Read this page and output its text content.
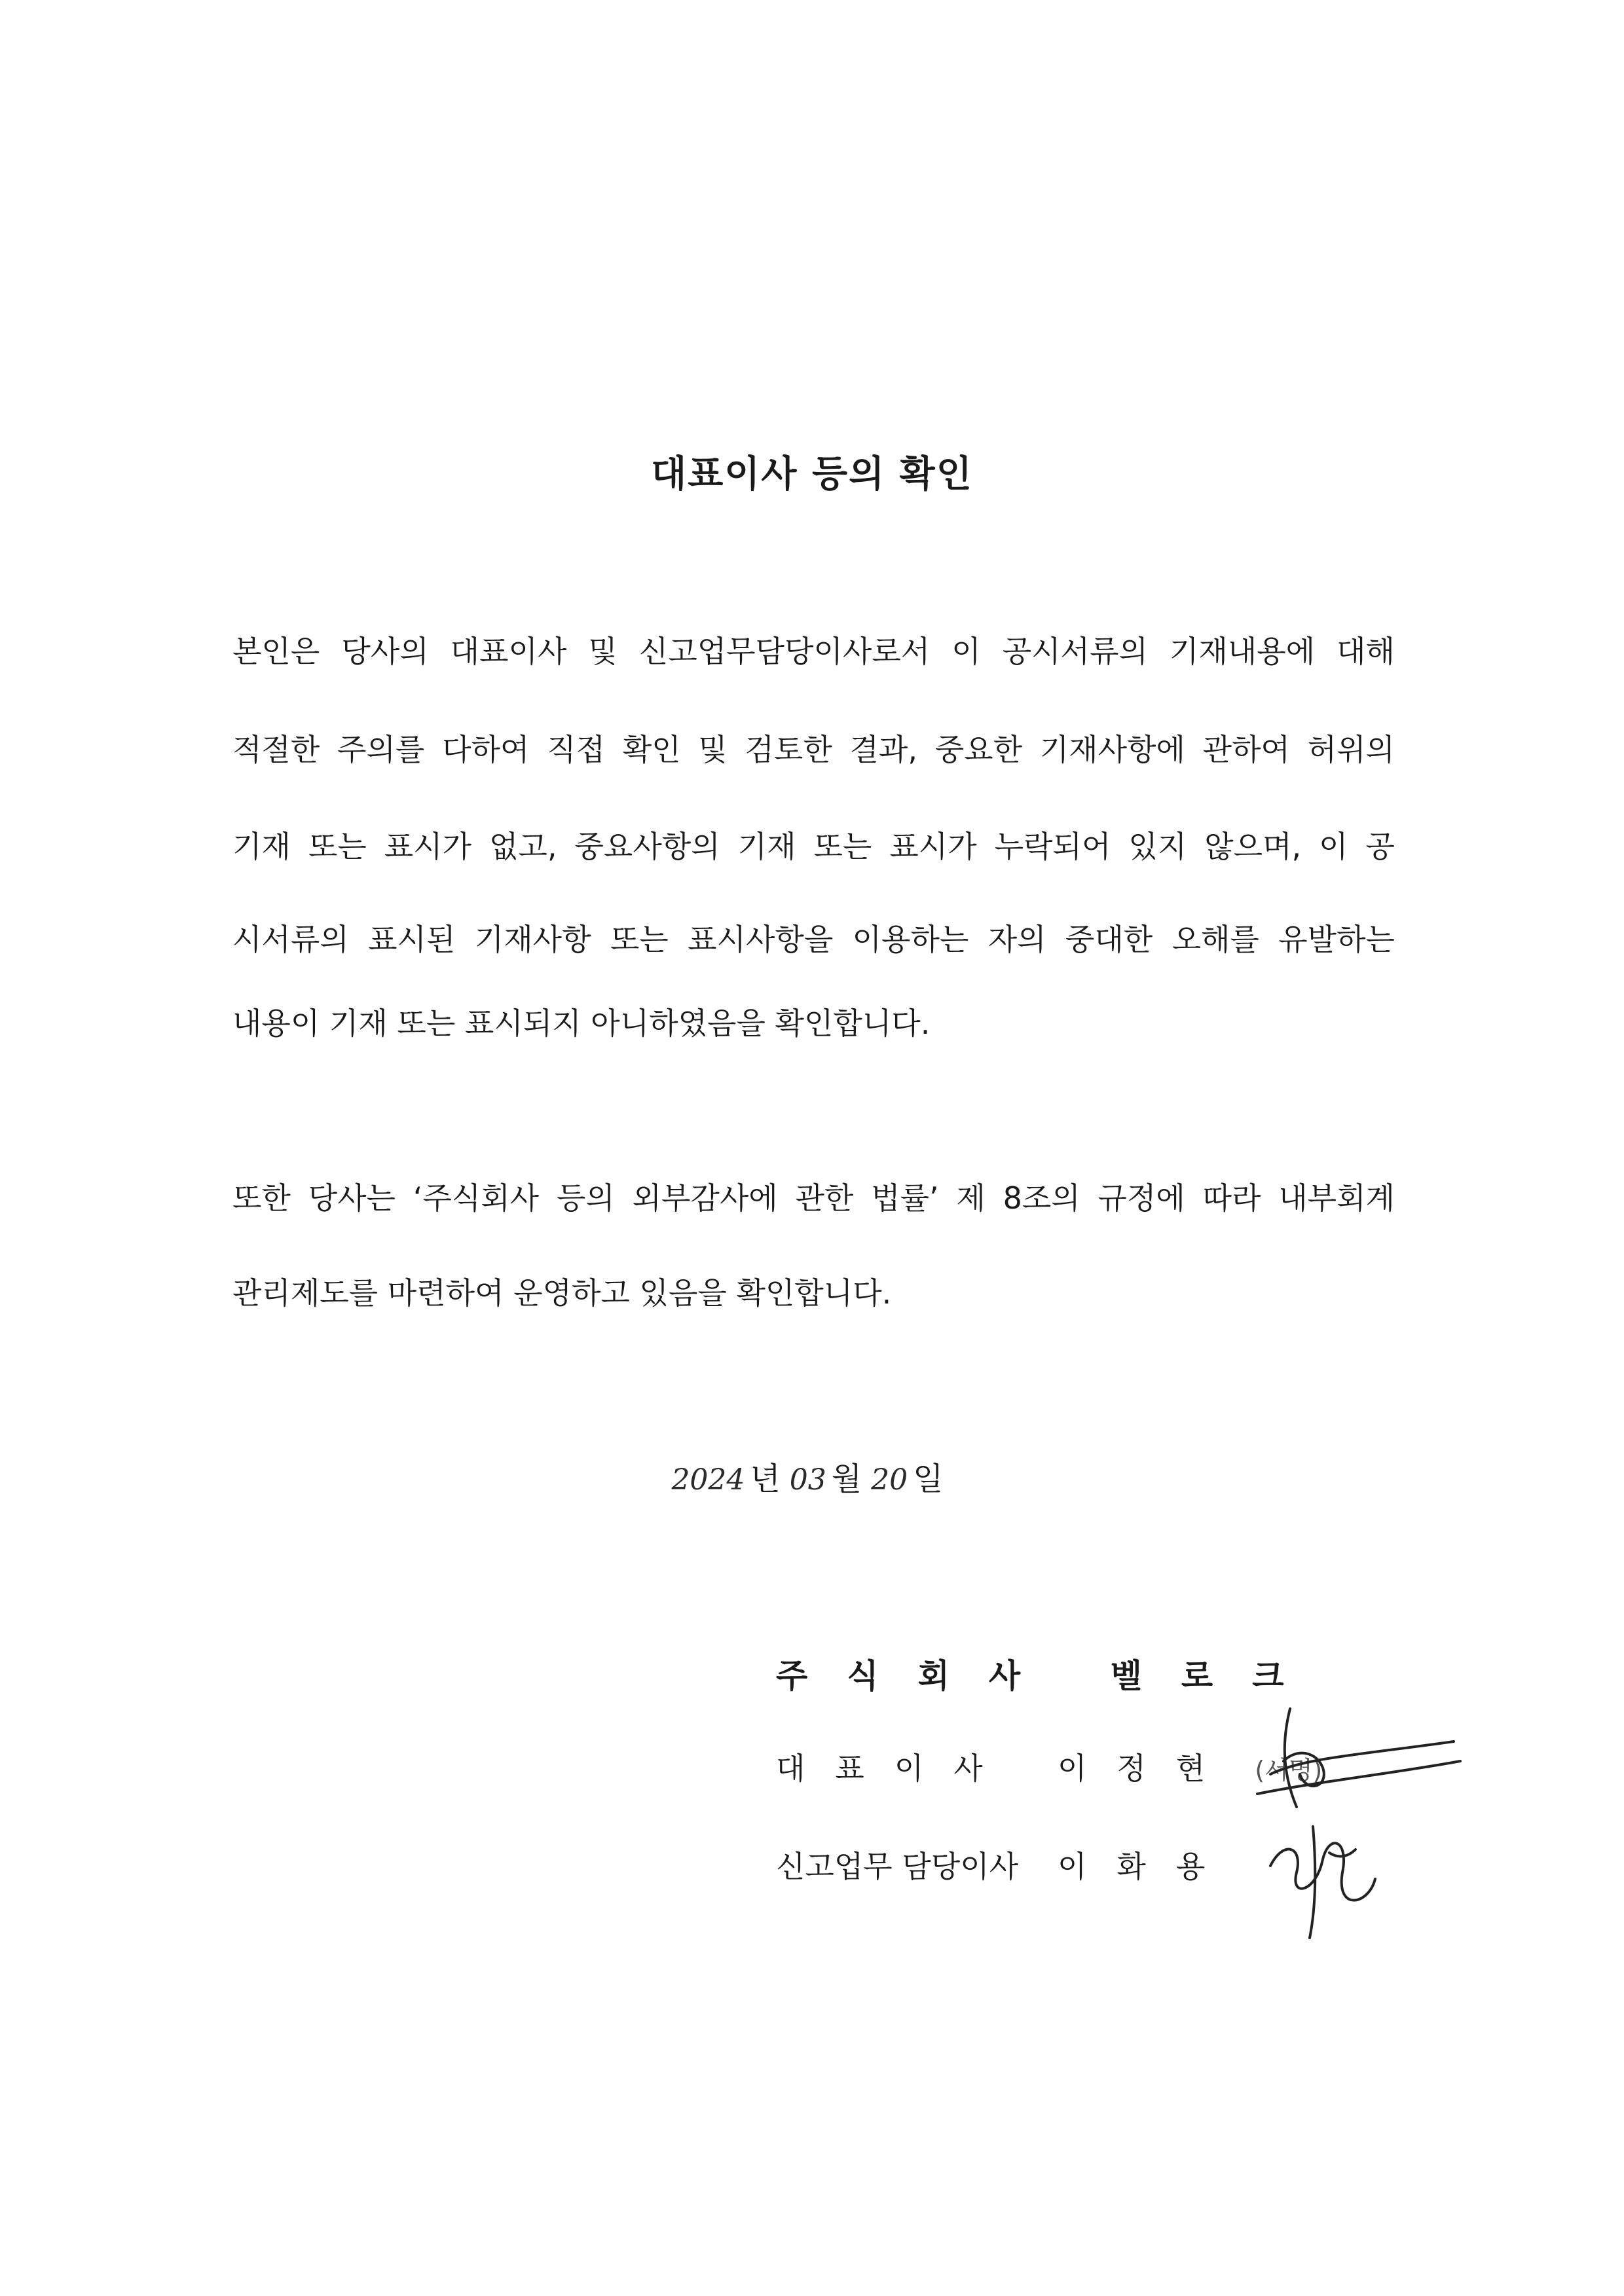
대표이사 등의 확인
본인은 당사의 대표이사 및 신고업무담당이사로서 이 공시서류의 기재내용에 대해
적절한 주의를 다하여 직접 확인 및 검토한 결과, 중요한 기재사항에 관하여 허위의
기재 또는 표시가 없고, 중요사항의 기재 또는 표시가 누락되어 있지 않으며, 이 공
시서류의 표시된 기재사항 또는 표시사항을 이용하는 자의 중대한 오해를 유발하는
내용이 기재 또는 표시되지 아니하였음을 확인합니다.
또한 당사는 ‘주식회사 등의 외부감사에 관한 법률’ 제 8조의 규정에 따라 내부회계
관리제도를 마련하여 운영하고 있음을 확인합니다.
2024 년 03 월 20 일
주식회사 벨로크
대표이사 이정현 (서명)
신고업무 담당이사 이화용
